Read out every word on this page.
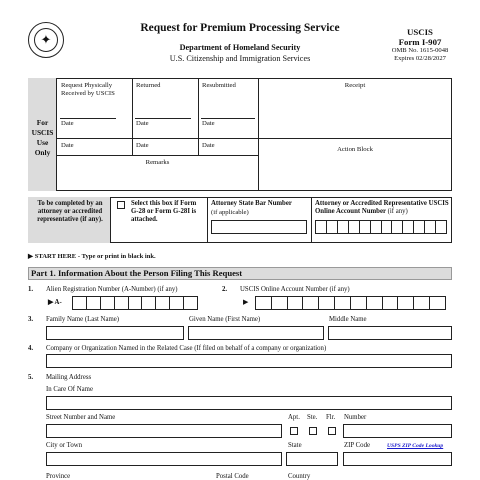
✦
Request for Premium Processing Service
Department of Homeland Security
U.S. Citizenship and Immigration Services
USCIS
Form I-907
OMB No. 1615-0048
Expires 02/28/2027
For
USCIS
Use
Only
Request Physically Received by USCIS
Returned	Resubmitted	Receipt
Date	Date	Date
Date	Date	Date
Remarks
Action Block
To be completed by an attorney or accredited representative (if any).
Select this box if Form G-28 or Form G-28I is attached.
Attorney State Bar Number
(if applicable)
Attorney or Accredited Representative USCIS Online Account Number (if any)
▶ START HERE - Type or print in black ink.
Part 1. Information About the Person Filing This Request
1. Alien Registration Number (A-Number) (if any)
▶ A-
2. USCIS Online Account Number (if any)
▶
3. Family Name (Last Name)	Given Name (First Name)	Middle Name
4. Company or Organization Named in the Related Case (If filed on behalf of a company or organization)
5. Mailing Address
In Care Of Name
Street Number and Name	Apt. Ste. Flr. Number
City or Town	State	ZIP Code	USPS ZIP Code Lookup
Province	Postal Code	Country
